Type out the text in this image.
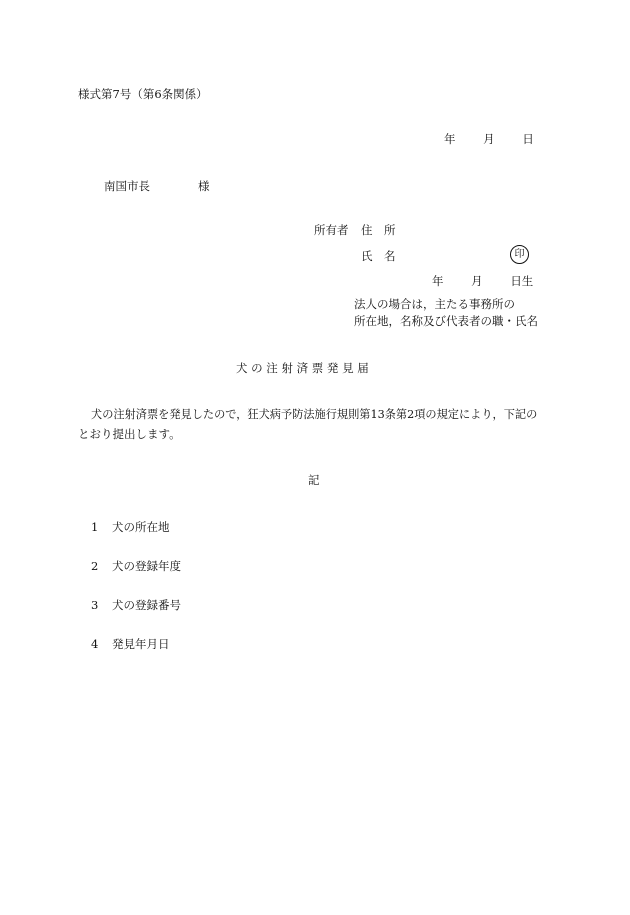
様式第7号（第6条関係）
年 月 日
南国市長	様
所有者 住　所
氏　名	印
年 月 日生
法人の場合は，主たる事務所の
所在地，名称及び代表者の職・氏名
犬 の 注 射 済 票 発 見 届
犬の注射済票を発見したので，狂犬病予防法施行規則第13条第2項の規定により，下記の
とおり提出します。
記
1 犬の所在地
2 犬の登録年度
3 犬の登録番号
4 発見年月日
